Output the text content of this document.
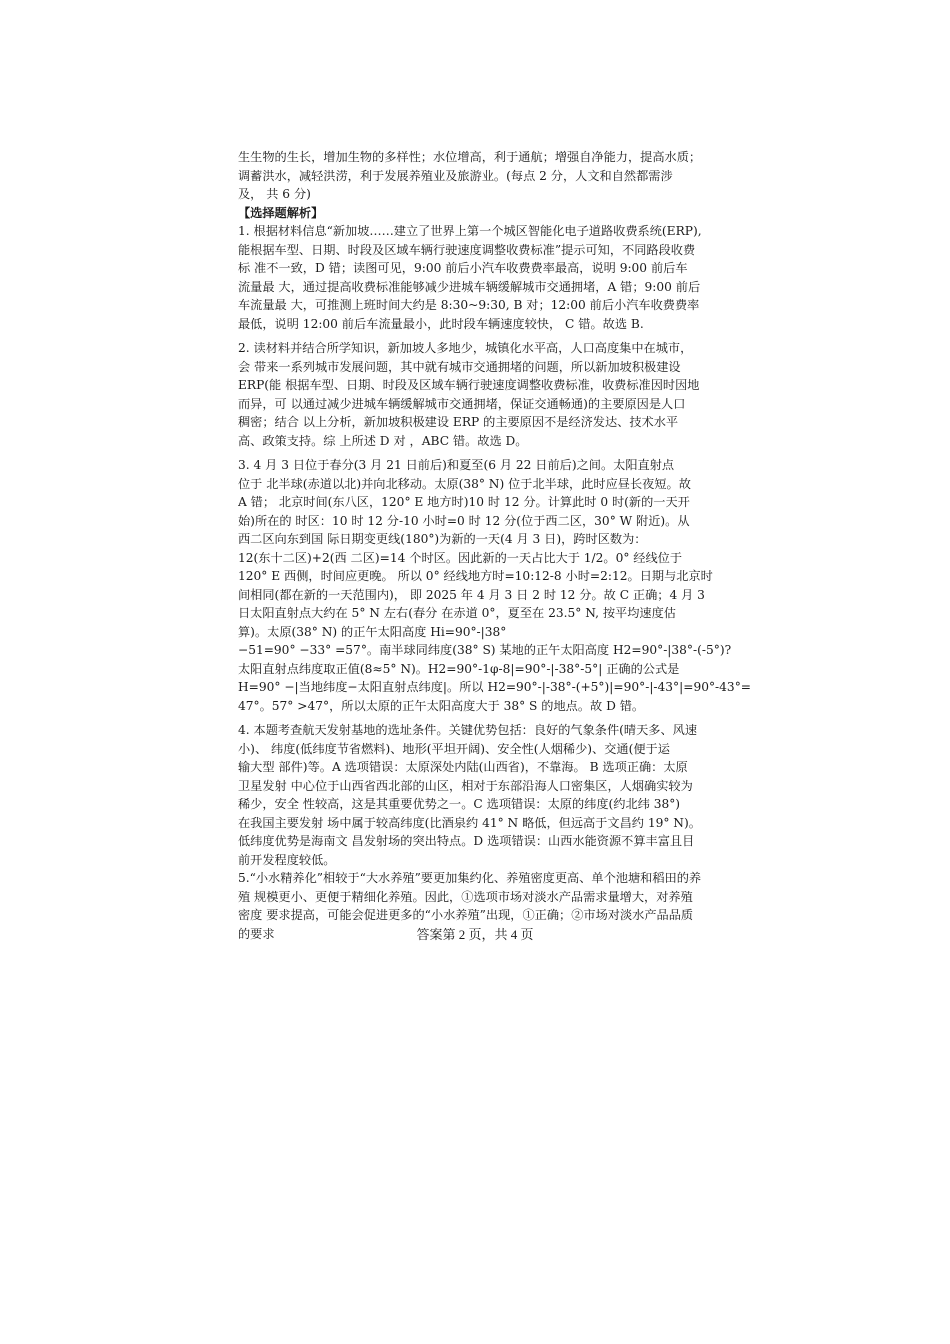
生生物的生长，增加生物的多样性；水位增高，利于通航；增强自净能力，提高水质；
调蓄洪水，减轻洪涝，利于发展养殖业及旅游业。(每点 2 分，人文和自然都需涉
及， 共 6 分)
【选择题解析】
1. 根据材料信息“新加坡……建立了世界上第一个城区智能化电子道路收费系统(ERP),
能根据车型、日期、时段及区域车辆行驶速度调整收费标准”提示可知，不同路段收费
标 准不一致，D 错；读图可见，9:00 前后小汽车收费费率最高，说明 9:00 前后车
流量最 大，通过提高收费标准能够减少进城车辆缓解城市交通拥堵，A 错；9:00 前后
车流量最 大，可推测上班时间大约是 8:30~9:30, B 对；12:00 前后小汽车收费费率
最低，说明 12:00 前后车流量最小，此时段车辆速度较快， C 错。故选 B.
2. 读材料并结合所学知识，新加坡人多地少，城镇化水平高，人口高度集中在城市，
会 带来一系列城市发展问题，其中就有城市交通拥堵的问题，所以新加坡积极建设
ERP(能 根据车型、日期、时段及区域车辆行驶速度调整收费标准，收费标准因时因地
而异，可 以通过减少进城车辆缓解城市交通拥堵，保证交通畅通)的主要原因是人口
稠密；结合 以上分析，新加坡积极建设 ERP 的主要原因不是经济发达、技术水平
高、政策支持。综 上所述 D 对 ，ABC 错。故选 D。
3. 4 月 3 日位于春分(3 月 21 日前后)和夏至(6 月 22 日前后)之间。太阳直射点
位于 北半球(赤道以北)并向北移动。太原(38° N) 位于北半球，此时应昼长夜短。故
A 错； 北京时间(东八区，120° E 地方时)10 时 12 分。计算此时 0 时(新的一天开
始)所在的 时区：10 时 12 分-10 小时=0 时 12 分(位于西二区，30° W 附近)。从
西二区向东到国 际日期变更线(180°)为新的一天(4 月 3 日)，跨时区数为：
12(东十二区)+2(西 二区)=14 个时区。因此新的一天占比大于 1/2。0° 经线位于
120° E 西侧，时间应更晚。 所以 0° 经线地方时=10:12-8 小时=2:12。日期与北京时
间相同(都在新的一天范围内)， 即 2025 年 4 月 3 日 2 时 12 分。故 C 正确；4 月 3
日太阳直射点大约在 5° N 左右(春分 在赤道 0°，夏至在 23.5° N, 按平均速度估
算)。太原(38° N) 的正午太阳高度 Hi=90°-|38°
−51=90° −33° =57°。南半球同纬度(38° S) 某地的正午太阳高度 H2=90°-|38°-(-5°)?
太阳直射点纬度取正值(8≈5° N)。H2=90°-1φ-8|=90°-|-38°-5°| 正确的公式是
H=90° −|当地纬度−太阳直射点纬度|。所以 H2=90°-|-38°-(+5°)|=90°-|-43°|=90°-43°=
47°。57° >47°，所以太原的正午太阳高度大于 38° S 的地点。故 D 错。
4. 本题考查航天发射基地的选址条件。关键优势包括：良好的气象条件(晴天多、风速
小)、 纬度(低纬度节省燃料)、地形(平坦开阔)、安全性(人烟稀少)、交通(便于运
输大型 部件)等。A 选项错误：太原深处内陆(山西省)，不靠海。 B 选项正确：太原
卫星发射 中心位于山西省西北部的山区，相对于东部沿海人口密集区，人烟确实较为
稀少，安全 性较高，这是其重要优势之一。C 选项错误：太原的纬度(约北纬 38°)
在我国主要发射 场中属于较高纬度(比酒泉约 41° N 略低，但远高于文昌约 19° N)。
低纬度优势是海南文 昌发射场的突出特点。D 选项错误：山西水能资源不算丰富且目
前开发程度较低。
5.“小水精养化”相较于“大水养殖”要更加集约化、养殖密度更高、单个池塘和稻田的养
殖 规模更小、更便于精细化养殖。因此，①选项市场对淡水产品需求量增大，对养殖
密度 要求提高，可能会促进更多的“小水养殖”出现，①正确；②市场对淡水产品品质
的要求	答案第 2 页，共 4 页
